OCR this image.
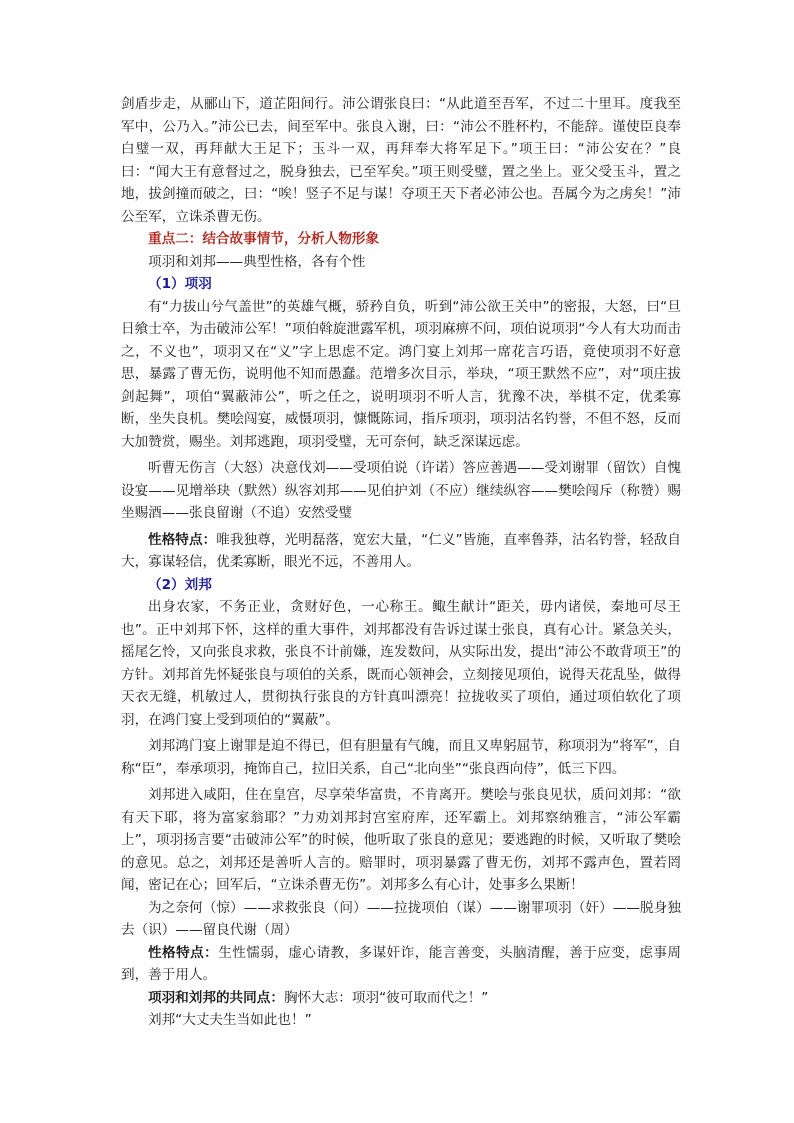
剑盾步走，从郦山下，道芷阳间行。沛公谓张良曰：“从此道至吾军，不过二十里耳。度我至军中，公乃入。”沛公已去，间至军中。张良入谢，曰：“沛公不胜杯杓，不能辞。谨使臣良奉白璧一双，再拜献大王足下；玉斗一双，再拜奉大将军足下。”项王曰：“沛公安在？”良曰：“闻大王有意督过之，脱身独去，已至军矣。”项王则受璧，置之坐上。亚父受玉斗，置之地，拔剑撞而破之，曰：“唉！竖子不足与谋！夺项王天下者必沛公也。吾属今为之虏矣！”沛公至军，立诛杀曹无伤。

重点二：结合故事情节，分析人物形象

项羽和刘邦——典型性格，各有个性

（1）项羽

有“力拔山兮气盖世”的英雄气概，骄矜自负，听到“沛公欲王关中”的密报，大怒，曰“旦日飨士卒，为击破沛公军！”项伯斡旋泄露军机，项羽麻痹不问，项伯说项羽“今人有大功而击之，不义也”，项羽又在“义”字上思虑不定。鸿门宴上刘邦一席花言巧语，竟使项羽不好意思，暴露了曹无伤，说明他不知而愚蠢。范增多次目示，举玦，“项王默然不应”，对“项庄拔剑起舞”，项伯“翼蔽沛公”，听之任之，说明项羽不听人言，犹豫不决，举棋不定，优柔寡断，坐失良机。樊哙闯宴，威慑项羽，慷慨陈词，指斥项羽，项羽沽名钓誉，不但不怒，反而大加赞赏，赐坐。刘邦逃跑，项羽受璧，无可奈何，缺乏深谋远虑。

听曹无伤言（大怒）决意伐刘——受项伯说（许诺）答应善遇——受刘谢罪（留饮）自愧设宴——见增举玦（默然）纵容刘邦——见伯护刘（不应）继续纵容——樊哙闯斥（称赞）赐坐赐酒——张良留谢（不追）安然受璧

性格特点：唯我独尊，光明磊落，宽宏大量，“仁义”皆施，直率鲁莽，沽名钓誉，轻敌自大，寡谋轻信，优柔寡断，眼光不远，不善用人。

（2）刘邦

出身农家，不务正业，贪财好色，一心称王。鲰生献计“距关，毋内诸侯，秦地可尽王也”。正中刘邦下怀，这样的重大事件，刘邦都没有告诉过谋士张良，真有心计。紧急关头，摇尾乞怜，又向张良求救，张良不计前嫌，连发数问，从实际出发，提出“沛公不敢背项王”的方针。刘邦首先怀疑张良与项伯的关系，既而心领神会，立刻接见项伯，说得天花乱坠，做得天衣无缝，机敏过人，贯彻执行张良的方针真叫漂亮！拉拢收买了项伯，通过项伯软化了项羽，在鸿门宴上受到项伯的“翼蔽”。

刘邦鸿门宴上谢罪是迫不得已，但有胆量有气魄，而且又卑躬屈节，称项羽为“将军”，自称“臣”，奉承项羽，掩饰自己，拉旧关系，自己“北向坐”“张良西向侍”，低三下四。

刘邦进入咸阳，住在皇宫，尽享荣华富贵，不肯离开。樊哙与张良见状，质问刘邦：“欲有天下耶，将为富家翁耶？”力劝刘邦封宫室府库，还军霸上。刘邦察纳雅言，“沛公军霸上”，项羽扬言要“击破沛公军”的时候，他听取了张良的意见；要逃跑的时候，又听取了樊哙的意见。总之，刘邦还是善听人言的。赔罪时，项羽暴露了曹无伤，刘邦不露声色，置若罔闻，密记在心；回军后，“立诛杀曹无伤”。刘邦多么有心计，处事多么果断！

为之奈何（惊）——求救张良（问）——拉拢项伯（谋）——谢罪项羽（奸）——脱身独去（识）——留良代谢（周）

性格特点：生性懦弱，虚心请教，多谋奸诈，能言善变，头脑清醒，善于应变，虑事周到，善于用人。

项羽和刘邦的共同点：胸怀大志：项羽“彼可取而代之！”

刘邦“大丈夫生当如此也！”
